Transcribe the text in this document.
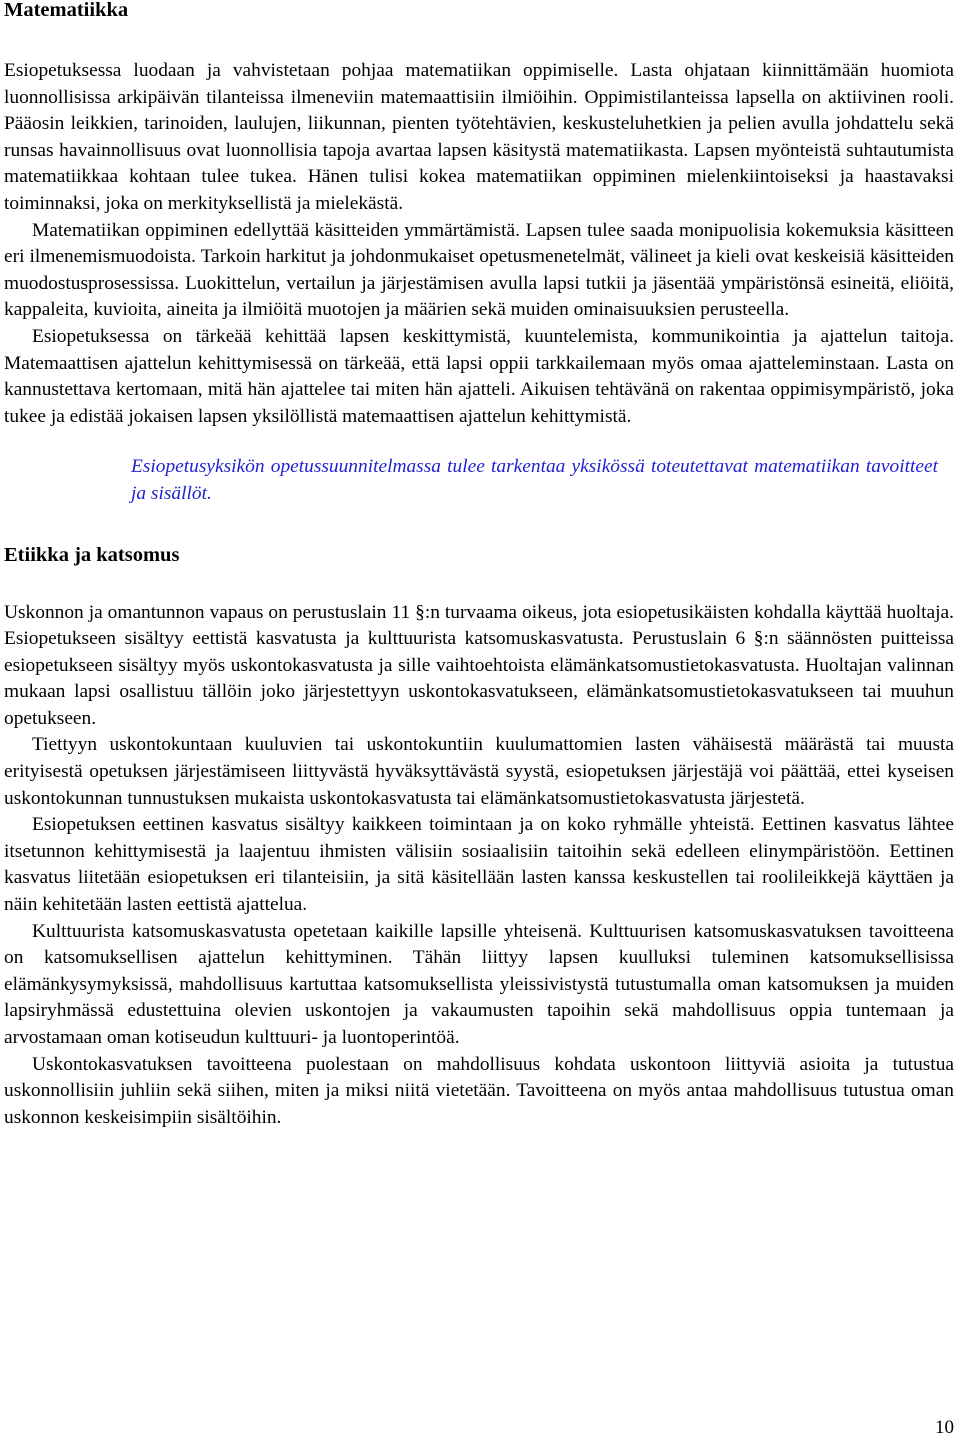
Matematiikka

Esiopetuksessa luodaan ja vahvistetaan pohjaa matematiikan oppimiselle. Lasta ohjataan kiinnittämään huomiota luonnollisissa arkipäivän tilanteissa ilmeneviin matemaattisiin ilmiöihin. Oppimistilanteissa lapsella on aktiivinen rooli. Pääosin leikkien, tarinoiden, laulujen, liikunnan, pienten työtehtävien, keskusteluhetkien ja pelien avulla johdattelu sekä runsas havainnollisuus ovat luonnollisia tapoja avartaa lapsen käsitystä matematiikasta. Lapsen myönteistä suhtautumista matematiikkaa kohtaan tulee tukea. Hänen tulisi kokea matematiikan oppiminen mielenkiintoiseksi ja haastavaksi toiminnaksi, joka on merkityksellistä ja mielekästä.

Matematiikan oppiminen edellyttää käsitteiden ymmärtämistä. Lapsen tulee saada monipuolisia kokemuksia käsitteen eri ilmenemismuodoista. Tarkoin harkitut ja johdonmukaiset opetusmenetelmät, välineet ja kieli ovat keskeisiä käsitteiden muodostusprosessissa. Luokittelun, vertailun ja järjestämisen avulla lapsi tutkii ja jäsentää ympäristönsä esineitä, eliöitä, kappaleita, kuvioita, aineita ja ilmiöitä muotojen ja määrien sekä muiden ominaisuuksien perusteella.

Esiopetuksessa on tärkeää kehittää lapsen keskittymistä, kuuntelemista, kommunikointia ja ajattelun taitoja. Matemaattisen ajattelun kehittymisessä on tärkeää, että lapsi oppii tarkkailemaan myös omaa ajatteleminstaan. Lasta on kannustettava kertomaan, mitä hän ajattelee tai miten hän ajatteli. Aikuisen tehtävänä on rakentaa oppimisympäristö, joka tukee ja edistää jokaisen lapsen yksilöllistä matemaattisen ajattelun kehittymistä.

Esiopetusyksikön opetussuunnitelmassa tulee tarkentaa yksikössä toteutettavat matematiikan tavoitteet ja sisällöt.

Etiikka ja katsomus

Uskonnon ja omantunnon vapaus on perustuslain 11 §:n turvaama oikeus, jota esiopetusikäisten kohdalla käyttää huoltaja. Esiopetukseen sisältyy eettistä kasvatusta ja kulttuurista katsomuskasvatusta. Perustuslain 6 §:n säännösten puitteissa esiopetukseen sisältyy myös uskontokasvatusta ja sille vaihtoehtoista elämänkatsomustietokasvatusta. Huoltajan valinnan mukaan lapsi osallistuu tällöin joko järjestettyyn uskontokasvatukseen, elämänkatsomustietokasvatukseen tai muuhun opetukseen.

Tiettyyn uskontokuntaan kuuluvien tai uskontokuntiin kuulumattomien lasten vähäisestä määrästä tai muusta erityisestä opetuksen järjestämiseen liittyvästä hyväksyttävästä syystä, esiopetuksen järjestäjä voi päättää, ettei kyseisen uskontokunnan tunnustuksen mukaista uskontokasvatusta tai elämänkatsomustietokasvatusta järjestetä.

Esiopetuksen eettinen kasvatus sisältyy kaikkeen toimintaan ja on koko ryhmälle yhteistä. Eettinen kasvatus lähtee itsetunnon kehittymisestä ja laajentuu ihmisten välisiin sosiaalisiin taitoihin sekä edelleen elinympäristöön. Eettinen kasvatus liitetään esiopetuksen eri tilanteisiin, ja sitä käsitellään lasten kanssa keskustellen tai roolileikkejä käyttäen ja näin kehitetään lasten eettistä ajattelua.

Kulttuurista katsomuskasvatusta opetetaan kaikille lapsille yhteisenä. Kulttuurisen katsomuskasvatuksen tavoitteena on katsomuksellisen ajattelun kehittyminen. Tähän liittyy lapsen kuulluksi tuleminen katsomuksellisissa elämänkysymyksissä, mahdollisuus kartuttaa katsomuksellista yleissivistystä tutustumalla oman katsomuksen ja muiden lapsiryhmässä edustettuina olevien uskontojen ja vakaumusten tapoihin sekä mahdollisuus oppia tuntemaan ja arvostamaan oman kotiseudun kulttuuri- ja luontoperintöä.

Uskontokasvatuksen tavoitteena puolestaan on mahdollisuus kohdata uskontoon liittyviä asioita ja tutustua uskonnollisiin juhliin sekä siihen, miten ja miksi niitä vietetään. Tavoitteena on myös antaa mahdollisuus tutustua oman uskonnon keskeisimpiin sisältöihin.

10
